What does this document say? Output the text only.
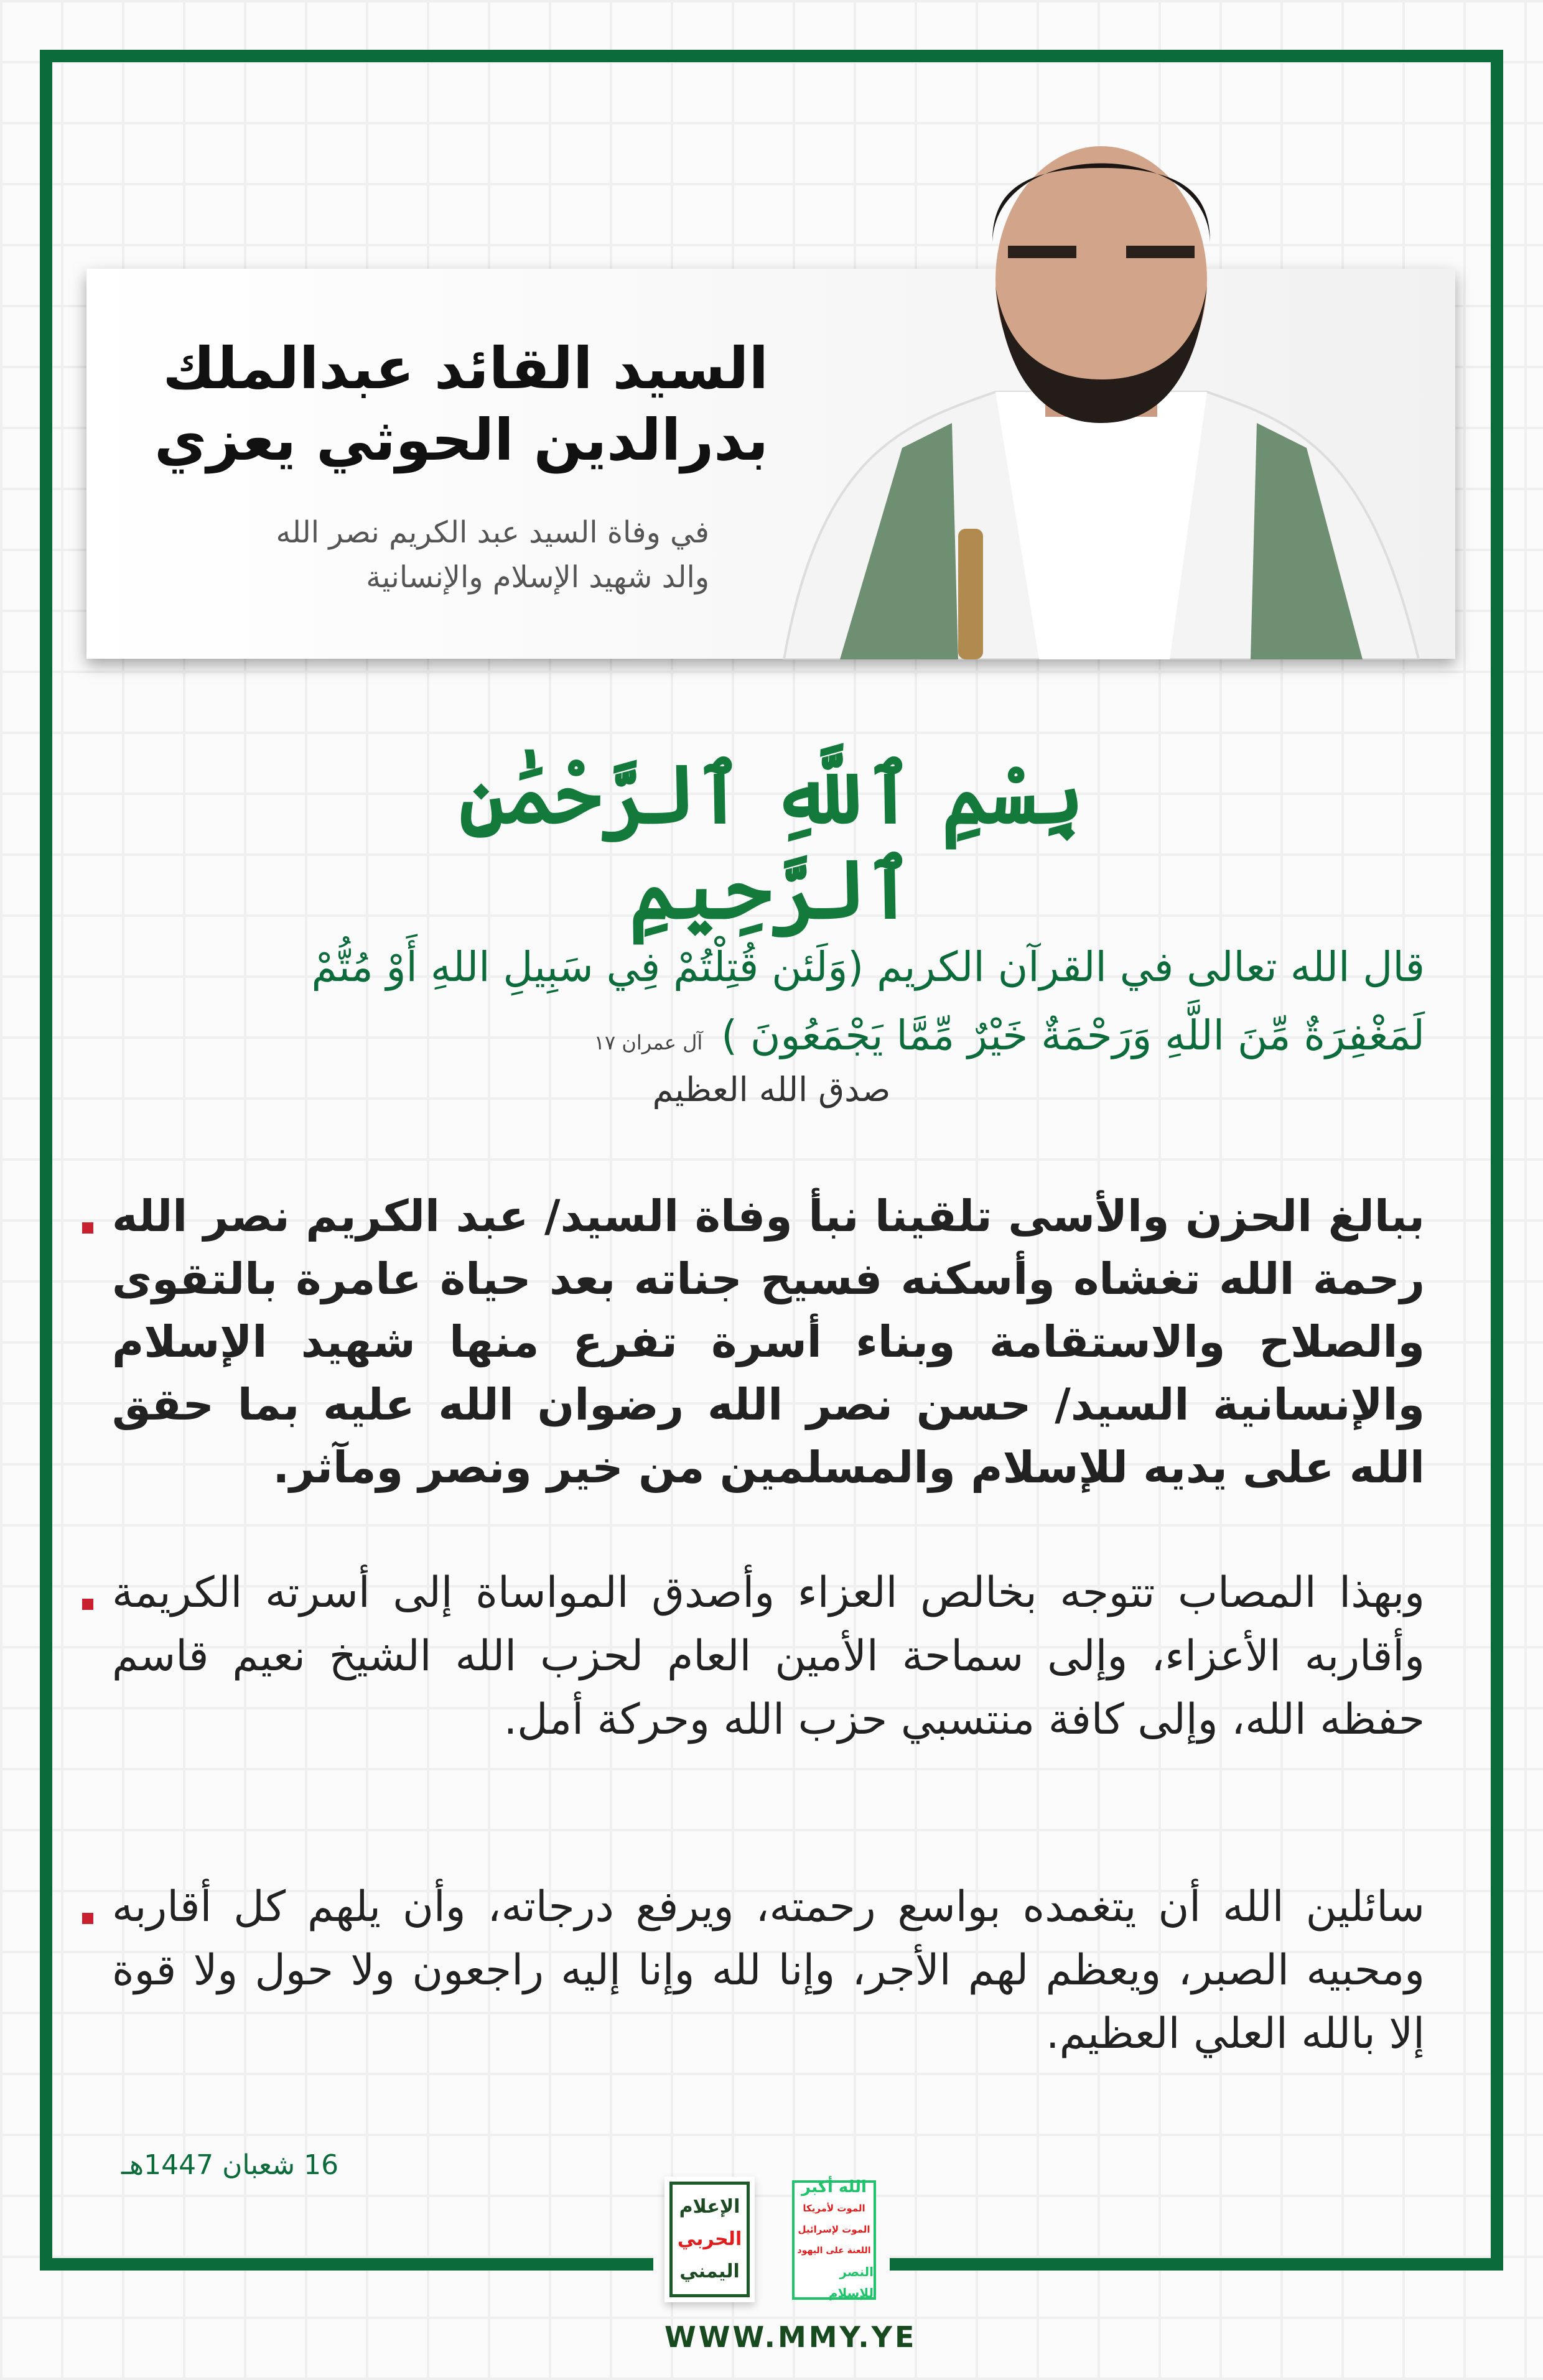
السيد القائد عبدالملك
بدرالدين الحوثي يعزي
في وفاة السيد عبد الكريم نصر الله
والد شهيد الإسلام والإنسانية
بِسْمِ ٱللَّهِ ٱلرَّحْمَٰنِ ٱلرَّحِيمِ
قال الله تعالى في القرآن الكريم (وَلَئن قُتِلْتُمْ فِي سَبِيلِ اللهِ أَوْ مُتُّمْ
لَمَغْفِرَةٌ مِّنَ اللَّهِ وَرَحْمَةٌ خَيْرٌ مِّمَّا يَجْمَعُونَ )آل عمران ١٧
صدق الله العظيم
ببالغ الحزن والأسى تلقينا نبأ وفاة السيد/ عبد الكريم نصر الله رحمة الله تغشاه وأسكنه فسيح جناته بعد حياة عامرة بالتقوى والصلاح والاستقامة وبناء أسرة تفرع منها شهيد الإسلام والإنسانية السيد/ حسن نصر الله رضوان الله عليه بما حقق الله على يديه للإسلام والمسلمين من خير ونصر ومآثر.
وبهذا المصاب تتوجه بخالص العزاء وأصدق المواساة إلى أسرته الكريمة وأقاربه الأعزاء، وإلى سماحة الأمين العام لحزب الله الشيخ نعيم قاسم حفظه الله، وإلى كافة منتسبي حزب الله وحركة أمل.
سائلين الله أن يتغمده بواسع رحمته، ويرفع درجاته، وأن يلهم كل أقاربه ومحبيه الصبر، ويعظم لهم الأجر، وإنا لله وإنا إليه راجعون ولا حول ولا قوة إلا بالله العلي العظيم.
16 شعبان 1447هـ
الإعلام
الحربي
اليمني
الله أكبر
الموت لأمريكا
الموت لإسرائيل
اللعنة على اليهود
النصر للإسلام
WWW.MMY.YE
